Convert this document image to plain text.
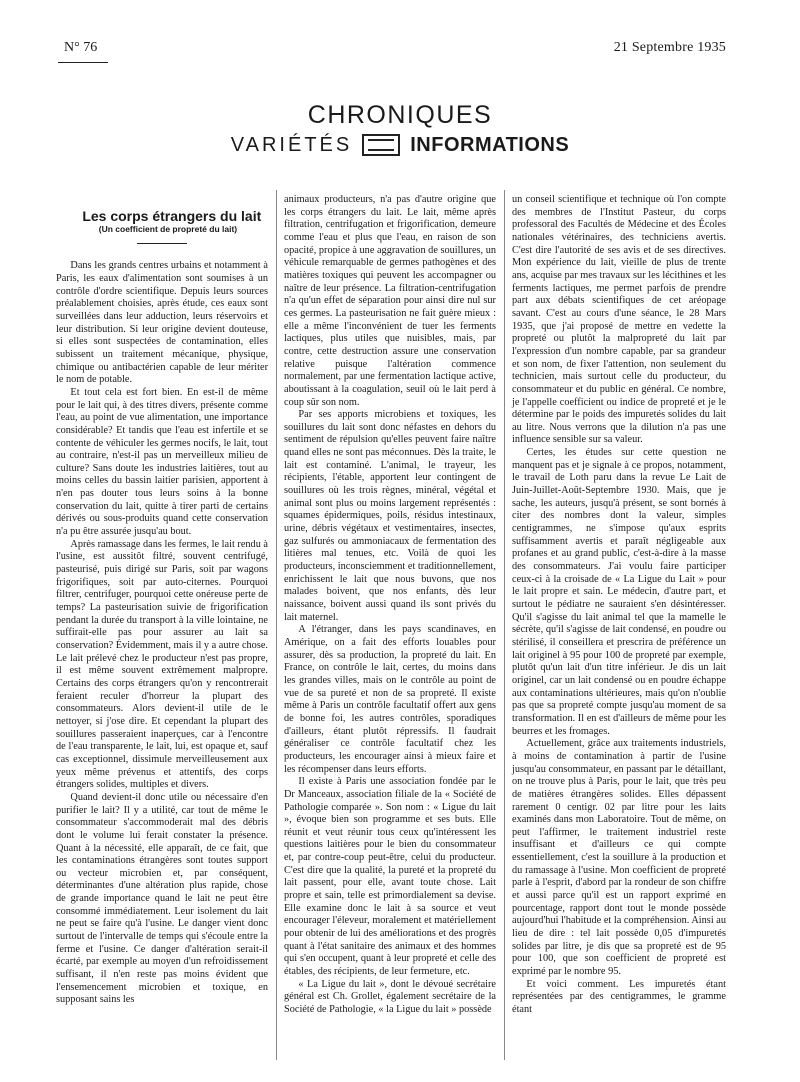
N° 76	21 Septembre 1935
CHRONIQUES
VARIÉTÉS	INFORMATIONS

Les corps étrangers du lait

(Un coefficient de propreté du lait)

Dans les grands centres urbains et notamment à Paris, les eaux d'alimentation sont soumises à un contrôle d'ordre scientifique. Depuis leurs sources préalablement choisies, après étude, ces eaux sont surveillées dans leur adduction, leurs réservoirs et leur distribution. Si leur origine devient douteuse, si elles sont suspectées de contamination, elles subissent un traitement mécanique, physique, chimique ou antibactérien capable de leur mériter le nom de potable.

Et tout cela est fort bien. En est-il de même pour le lait qui, à des titres divers, présente comme l'eau, au point de vue alimentation, une importance considérable? Et tandis que l'eau est infertile et se contente de véhiculer les germes nocifs, le lait, tout au contraire, n'est-il pas un merveilleux milieu de culture? Sans doute les industries laitières, tout au moins celles du bassin laitier parisien, apportent à n'en pas douter tous leurs soins à la bonne conservation du lait, quitte à tirer parti de certains dérivés ou sous-produits quand cette conservation n'a pu être assurée jusqu'au bout.

Après ramassage dans les fermes, le lait rendu à l'usine, est aussitôt filtré, souvent centrifugé, pasteurisé, puis dirigé sur Paris, soit par wagons frigorifiques, soit par auto-citernes. Pourquoi filtrer, centrifuger, pourquoi cette onéreuse perte de temps? La pasteurisation suivie de frigorification pendant la durée du transport à la ville lointaine, ne suffirait-elle pas pour assurer au lait sa conservation? Évidemment, mais il y a autre chose. Le lait prélevé chez le producteur n'est pas propre, il est même souvent extrêmement malpropre. Certains des corps étrangers qu'on y rencontrerait feraient reculer d'horreur la plupart des consommateurs. Alors devient-il utile de le nettoyer, si j'ose dire. Et cependant la plupart des souillures passeraient inaperçues, car à l'encontre de l'eau transparente, le lait, lui, est opaque et, sauf cas exceptionnel, dissimule merveilleusement aux yeux même prévenus et attentifs, des corps étrangers solides, multiples et divers.

Quand devient-il donc utile ou nécessaire d'en purifier le lait? Il y a utilité, car tout de même le consommateur s'accommoderait mal des débris dont le volume lui ferait constater la présence. Quant à la nécessité, elle apparaît, de ce fait, que les contaminations étrangères sont toutes support ou vecteur microbien et, par conséquent, déterminantes d'une altération plus rapide, chose de grande importance quand le lait ne peut être consommé immédiatement. Leur isolement du lait ne peut se faire qu'à l'usine. Le danger vient donc surtout de l'intervalle de temps qui s'écoule entre la ferme et l'usine. Ce danger d'altération serait-il écarté, par exemple au moyen d'un refroidissement suffisant, il n'en reste pas moins évident que l'ensemencement microbien et toxique, en supposant sains les

animaux producteurs, n'a pas d'autre origine que les corps étrangers du lait. Le lait, même après filtration, centrifugation et frigorification, demeure comme l'eau et plus que l'eau, en raison de son opacité, propice à une aggravation de souillures, un véhicule remarquable de germes pathogènes et des matières toxiques qui peuvent les accompagner ou naître de leur présence. La filtration-centrifugation n'a qu'un effet de séparation pour ainsi dire nul sur ces germes. La pasteurisation ne fait guère mieux : elle a même l'inconvénient de tuer les ferments lactiques, plus utiles que nuisibles, mais, par contre, cette destruction assure une conservation relative puisque l'altération commence normalement, par une fermentation lactique active, aboutissant à la coagulation, seuil où le lait perd à coup sûr son nom.

Par ses apports microbiens et toxiques, les souillures du lait sont donc néfastes en dehors du sentiment de répulsion qu'elles peuvent faire naître quand elles ne sont pas méconnues. Dès la traite, le lait est contaminé. L'animal, le trayeur, les récipients, l'étable, apportent leur contingent de souillures où les trois règnes, minéral, végétal et animal sont plus ou moins largement représentés : squames épidermiques, poils, résidus intestinaux, urine, débris végétaux et vestimentaires, insectes, gaz sulfurés ou ammoniacaux de fermentation des litières mal tenues, etc. Voilà de quoi les producteurs, inconsciemment et traditionnellement, enrichissent le lait que nous buvons, que nos malades boivent, que nos enfants, dès leur naissance, boivent aussi quand ils sont privés du lait maternel.

A l'étranger, dans les pays scandinaves, en Amérique, on a fait des efforts louables pour assurer, dès sa production, la propreté du lait. En France, on contrôle le lait, certes, du moins dans les grandes villes, mais on le contrôle au point de vue de sa pureté et non de sa propreté. Il existe même à Paris un contrôle facultatif offert aux gens de bonne foi, les autres contrôles, sporadiques d'ailleurs, étant plutôt répressifs. Il faudrait généraliser ce contrôle facultatif chez les producteurs, les encourager ainsi à mieux faire et les récompenser dans leurs efforts.

Il existe à Paris une association fondée par le Dr Manceaux, association filiale de la « Société de Pathologie comparée ». Son nom : « Ligue du lait », évoque bien son programme et ses buts. Elle réunit et veut réunir tous ceux qu'intéressent les questions laitières pour le bien du consommateur et, par contre-coup peut-être, celui du producteur. C'est dire que la qualité, la pureté et la propreté du lait passent, pour elle, avant toute chose. Lait propre et sain, telle est primordialement sa devise. Elle examine donc le lait à sa source et veut encourager l'éleveur, moralement et matériellement pour obtenir de lui des améliorations et des progrès quant à l'état sanitaire des animaux et des hommes qui s'en occupent, quant à leur propreté et celle des étables, des récipients, de leur fermeture, etc.

« La Ligue du lait », dont le dévoué secrétaire général est Ch. Grollet, également secrétaire de la Société de Pathologie, « la Ligue du lait » possède

un conseil scientifique et technique où l'on compte des membres de l'Institut Pasteur, du corps professoral des Facultés de Médecine et des Écoles nationales vétérinaires, des techniciens avertis. C'est dire l'autorité de ses avis et de ses directives. Mon expérience du lait, vieille de plus de trente ans, acquise par mes travaux sur les lécithines et les ferments lactiques, me permet parfois de prendre part aux débats scientifiques de cet aréopage savant. C'est au cours d'une séance, le 28 Mars 1935, que j'ai proposé de mettre en vedette la propreté ou plutôt la malpropreté du lait par l'expression d'un nombre capable, par sa grandeur et son nom, de fixer l'attention, non seulement du technicien, mais surtout celle du producteur, du consommateur et du public en général. Ce nombre, je l'appelle coefficient ou indice de propreté et je le détermine par le poids des impuretés solides du lait au litre. Nous verrons que la dilution n'a pas une influence sensible sur sa valeur.

Certes, les études sur cette question ne manquent pas et je signale à ce propos, notamment, le travail de Loth paru dans la revue Le Lait de Juin-Juillet-Août-Septembre 1930. Mais, que je sache, les auteurs, jusqu'à présent, se sont bornés à citer des nombres dont la valeur, simples centigrammes, ne s'impose qu'aux esprits suffisamment avertis et paraît négligeable aux profanes et au grand public, c'est-à-dire à la masse des consommateurs. J'ai voulu faire participer ceux-ci à la croisade de « La Ligue du Lait » pour le lait propre et sain. Le médecin, d'autre part, et surtout le pédiatre ne sauraient s'en désintéresser. Qu'il s'agisse du lait animal tel que la mamelle le sécrète, qu'il s'agisse de lait condensé, en poudre ou stérilisé, il conseillera et prescrira de préférence un lait originel à 95 pour 100 de propreté par exemple, plutôt qu'un lait d'un titre inférieur. Je dis un lait originel, car un lait condensé ou en poudre échappe aux contaminations ultérieures, mais qu'on n'oublie pas que sa propreté compte jusqu'au moment de sa transformation. Il en est d'ailleurs de même pour les beurres et les fromages.

Actuellement, grâce aux traitements industriels, à moins de contamination à partir de l'usine jusqu'au consommateur, en passant par le détaillant, on ne trouve plus à Paris, pour le lait, que très peu de matières étrangères solides. Elles dépassent rarement 0 centigr. 02 par litre pour les laits examinés dans mon Laboratoire. Tout de même, on peut l'affirmer, le traitement industriel reste insuffisant et d'ailleurs ce qui compte essentiellement, c'est la souillure à la production et du ramassage à l'usine. Mon coefficient de propreté parle à l'esprit, d'abord par la rondeur de son chiffre et aussi parce qu'il est un rapport exprimé en pourcentage, rapport dont tout le monde possède aujourd'hui l'habitude et la compréhension. Ainsi au lieu de dire : tel lait possède 0,05 d'impuretés solides par litre, je dis que sa propreté est de 95 pour 100, que son coefficient de propreté est exprimé par le nombre 95.

Et voici comment. Les impuretés étant représentées par des centigrammes, le gramme étant
